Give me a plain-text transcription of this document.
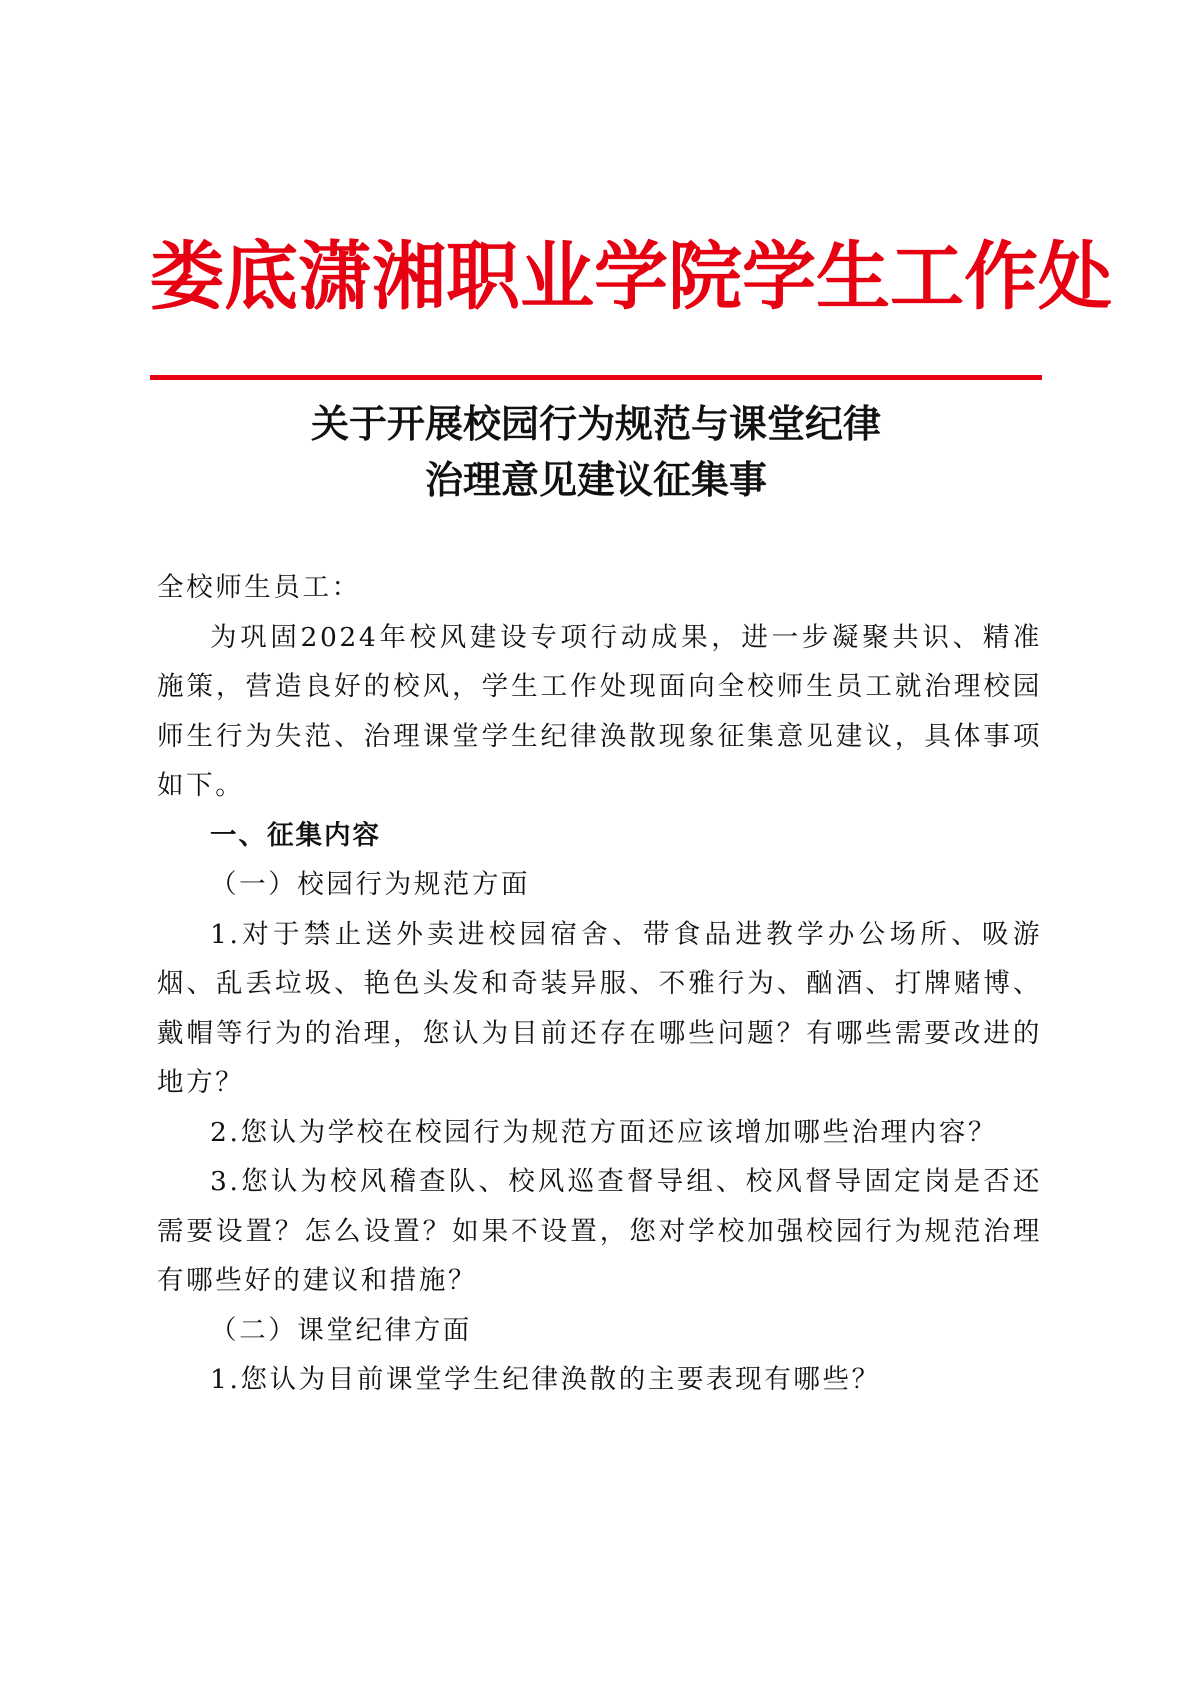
娄底潇湘职业学院学生工作处
关于开展校园行为规范与课堂纪律
治理意见建议征集事

全校师生员工：

为巩固2024年校风建设专项行动成果，进一步凝聚共识、精准施策，营造良好的校风，学生工作处现面向全校师生员工就治理校园师生行为失范、治理课堂学生纪律涣散现象征集意见建议，具体事项如下。

一、征集内容

（一）校园行为规范方面

1.对于禁止送外卖进校园宿舍、带食品进教学办公场所、吸游烟、乱丢垃圾、艳色头发和奇装异服、不雅行为、酗酒、打牌赌博、戴帽等行为的治理，您认为目前还存在哪些问题？有哪些需要改进的地方？

2.您认为学校在校园行为规范方面还应该增加哪些治理内容？

3.您认为校风稽查队、校风巡查督导组、校风督导固定岗是否还需要设置？怎么设置？如果不设置，您对学校加强校园行为规范治理有哪些好的建议和措施？

（二）课堂纪律方面

1.您认为目前课堂学生纪律涣散的主要表现有哪些？
